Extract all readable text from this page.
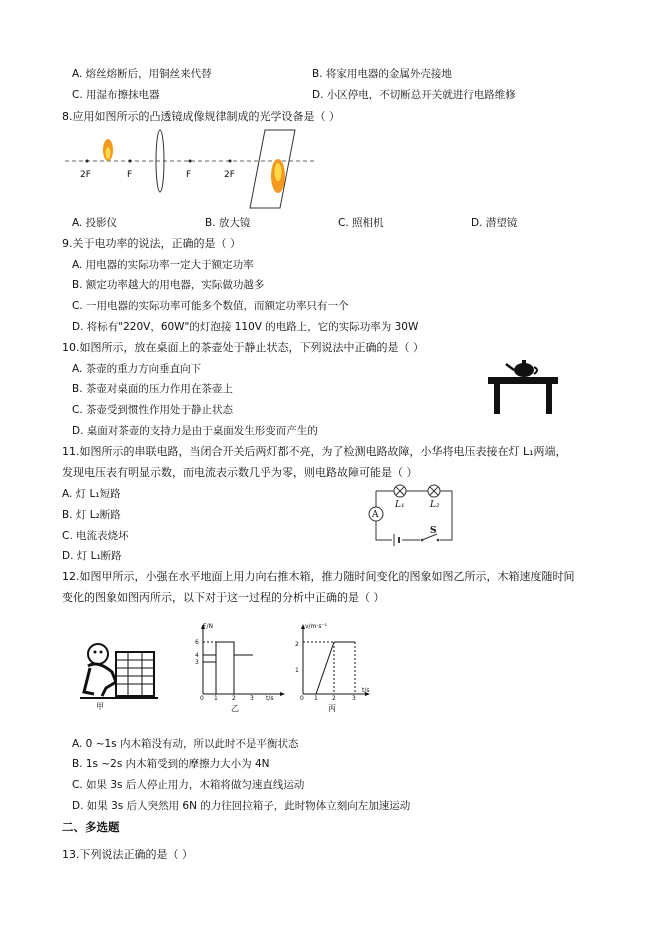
A. 熔丝熔断后，用铜丝来代替	B. 将家用电器的金属外壳接地
C. 用湿布擦抹电器	D. 小区停电，不切断总开关就进行电路维修
8.应用如图所示的凸透镜成像规律制成的光学设备是（ ）
2F	F	F	2F
A. 投影仪	B. 放大镜	C. 照相机	D. 潜望镜
9.关于电功率的说法，正确的是（ ）
A. 用电器的实际功率一定大于额定功率
B. 额定功率越大的用电器，实际做功越多
C. 一用电器的实际功率可能多个数值，而额定功率只有一个
D. 将标有"220V，60W"的灯泡接 110V 的电路上，它的实际功率为 30W
10.如图所示，放在桌面上的茶壶处于静止状态，下列说法中正确的是（ ）
A. 茶壶的重力方向垂直向下
B. 茶壶对桌面的压力作用在茶壶上
C. 茶壶受到惯性作用处于静止状态
D. 桌面对茶壶的支持力是由于桌面发生形变而产生的
11.如图所示的串联电路，当闭合开关后两灯都不亮，为了检测电路故障，小华将电压表接在灯 L₁两端，
发现电压表有明显示数，而电流表示数几乎为零，则电路故障可能是（ ）
A. 灯 L₁短路
B. 灯 L₂断路
C. 电流表烧坏
D. 灯 L₁断路
A
L₁	L₂
S
12.如图甲所示，小强在水平地面上用力向右推木箱，推力随时间变化的图象如图乙所示，木箱速度随时间
变化的图象如图丙所示，以下对于这一过程的分析中正确的是（ ）
甲
F/N
6
4
3
0 1 2 3 t/s
乙
v/m·s⁻¹
2
1
0 1 2	3
t/s
丙
A. 0 ~1s 内木箱没有动，所以此时不是平衡状态
B. 1s ~2s 内木箱受到的摩擦力大小为 4N
C. 如果 3s 后人停止用力，木箱将做匀速直线运动
D. 如果 3s 后人突然用 6N 的力往回拉箱子，此时物体立刻向左加速运动
二、多选题
13.下列说法正确的是（ ）
